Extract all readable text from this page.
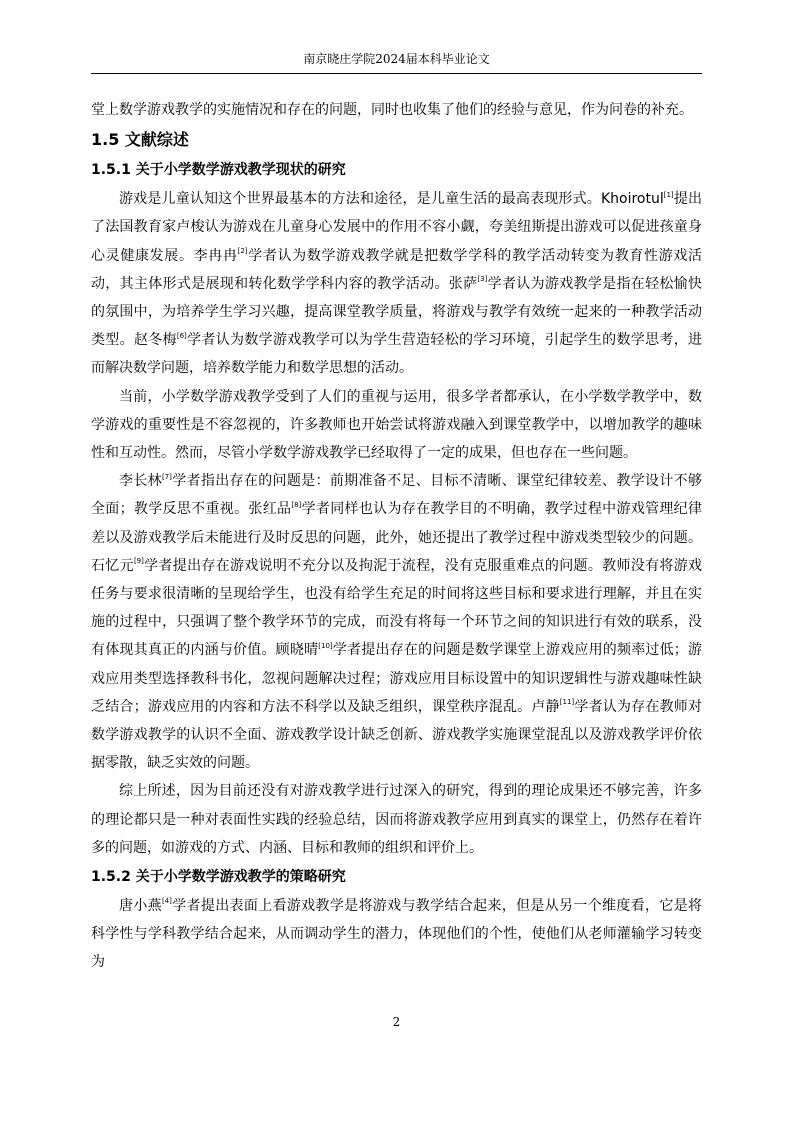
南京晓庄学院2024届本科毕业论文

堂上数学游戏教学的实施情况和存在的问题，同时也收集了他们的经验与意见，作为问卷的补充。

1.5 文献综述
1.5.1 关于小学数学游戏教学现状的研究

游戏是儿童认知这个世界最基本的方法和途径，是儿童生活的最高表现形式。Khoirotul[1]提出了法国教育家卢梭认为游戏在儿童身心发展中的作用不容小觑，夸美纽斯提出游戏可以促进孩童身心灵健康发展。李冉冉[2]学者认为数学游戏教学就是把数学学科的教学活动转变为教育性游戏活动，其主体形式是展现和转化数学学科内容的教学活动。张萨[3]学者认为游戏教学是指在轻松愉快的氛围中，为培养学生学习兴趣，提高课堂教学质量，将游戏与教学有效统一起来的一种教学活动类型。赵冬梅[6]学者认为数学游戏教学可以为学生营造轻松的学习环境，引起学生的数学思考，进而解决数学问题，培养数学能力和数学思想的活动。

当前，小学数学游戏教学受到了人们的重视与运用，很多学者都承认，在小学数学教学中，数学游戏的重要性是不容忽视的，许多教师也开始尝试将游戏融入到课堂教学中，以增加教学的趣味性和互动性。然而，尽管小学数学游戏教学已经取得了一定的成果，但也存在一些问题。

李长林[7]学者指出存在的问题是：前期准备不足、目标不清晰、课堂纪律较差、教学设计不够全面；教学反思不重视。张红品[8]学者同样也认为存在教学目的不明确，教学过程中游戏管理纪律差以及游戏教学后未能进行及时反思的问题，此外，她还提出了教学过程中游戏类型较少的问题。石忆元[9]学者提出存在游戏说明不充分以及拘泥于流程，没有克服重难点的问题。教师没有将游戏任务与要求很清晰的呈现给学生，也没有给学生充足的时间将这些目标和要求进行理解，并且在实施的过程中，只强调了整个教学环节的完成，而没有将每一个环节之间的知识进行有效的联系，没有体现其真正的内涵与价值。顾晓晴[10]学者提出存在的问题是数学课堂上游戏应用的频率过低；游戏应用类型选择教科书化，忽视问题解决过程；游戏应用目标设置中的知识逻辑性与游戏趣味性缺乏结合；游戏应用的内容和方法不科学以及缺乏组织，课堂秩序混乱。卢静[11]学者认为存在教师对数学游戏教学的认识不全面、游戏教学设计缺乏创新、游戏教学实施课堂混乱以及游戏教学评价依据零散，缺乏实效的问题。

综上所述，因为目前还没有对游戏教学进行过深入的研究，得到的理论成果还不够完善，许多的理论都只是一种对表面性实践的经验总结，因而将游戏教学应用到真实的课堂上，仍然存在着许多的问题，如游戏的方式、内涵、目标和教师的组织和评价上。

1.5.2 关于小学数学游戏教学的策略研究

唐小燕[4]学者提出表面上看游戏教学是将游戏与教学结合起来，但是从另一个维度看，它是将科学性与学科教学结合起来，从而调动学生的潜力，体现他们的个性，使他们从老师灌输学习转变为

2
